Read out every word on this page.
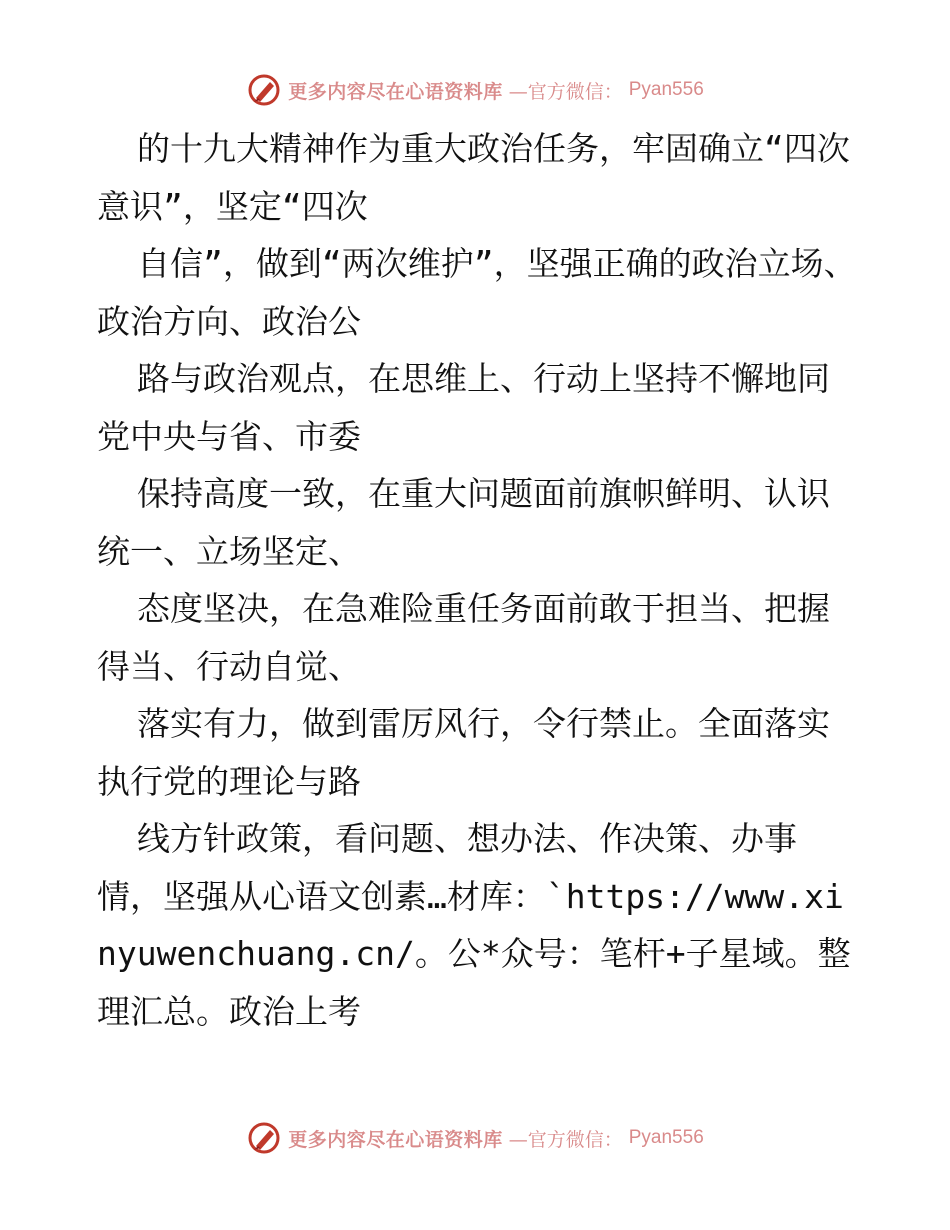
更多内容尽在心语资料库 —官方微信： Pyan556

的十九大精神作为重大政治任务，牢固确立“四次意识”，坚定“四次

自信”，做到“两次维护”，坚强正确的政治立场、政治方向、政治公

路与政治观点，在思维上、行动上坚持不懈地同党中央与省、市委

保持高度一致，在重大问题面前旗帜鲜明、认识统一、立场坚定、

态度坚决，在急难险重任务面前敢于担当、把握得当、行动自觉、

落实有力，做到雷厉风行，令行禁止。全面落实执行党的理论与路

线方针政策，看问题、想办法、作决策、办事情，坚强从心语文创素…材库：`https://www.xinyuwenchuang.cn/。公*众号：笔杆+子星域。整理汇总。政治上考

更多内容尽在心语资料库 —官方微信： Pyan556
